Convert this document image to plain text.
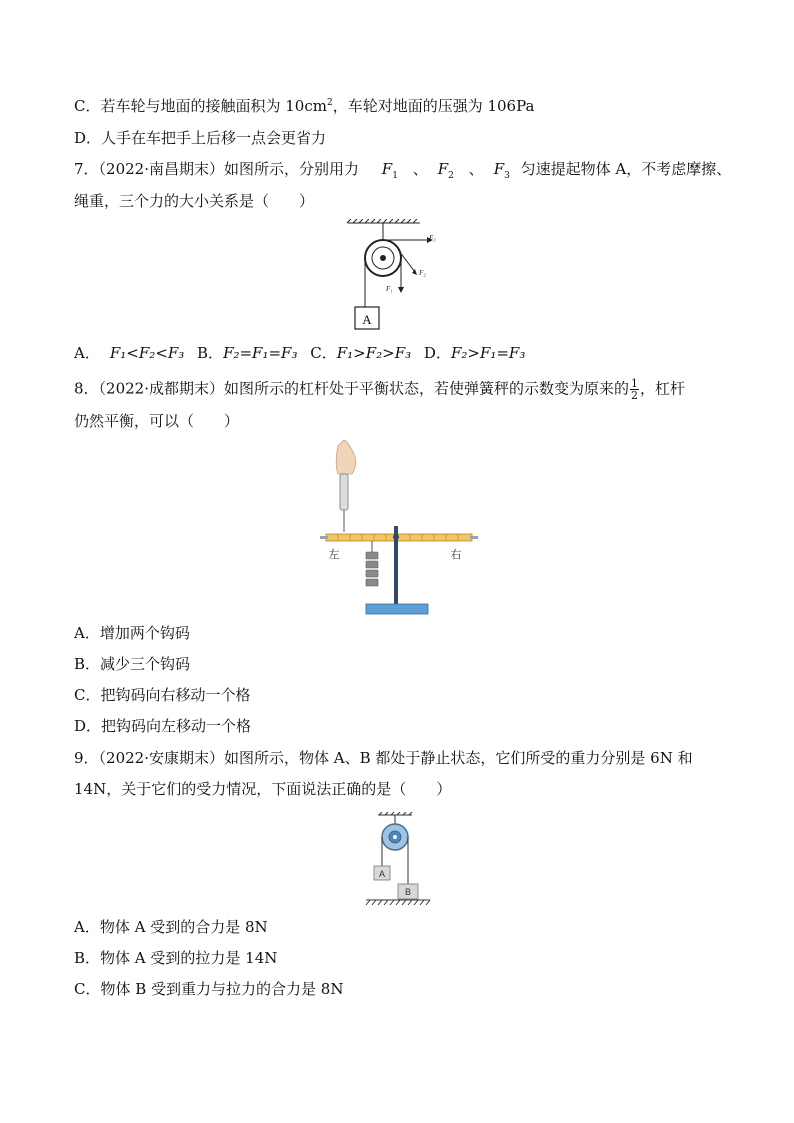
C．若车轮与地面的接触面积为 $10cm^2$，车轮对地面的压强为 106Pa
D．人手在车把手上后移一点会更省力
7．（2022·南昌期末）如图所示，分别用力 $F_1$ 、 $F_2$ 、 $F_3$ 匀速提起物体 A，不考虑摩擦、
绳重，三个力的大小关系是（　　）
F₃
F₂
F₁
A
A． F₁<F₂<F₃ B．F₂=F₁=F₃ C．F₁>F₂>F₃ D．F₂>F₁=F₃
8．（2022·成都期末）如图所示的杠杆处于平衡状态，若使弹簧秤的示数变为原来的 $\frac{1}{2}$ ，杠杆
仍然平衡，可以（　　）
左	右
A．增加两个钩码
B．减少三个钩码
C．把钩码向右移动一个格
D．把钩码向左移动一个格
9．（2022·安康期末）如图所示，物体 A、B 都处于静止状态，它们所受的重力分别是 6N 和
14N，关于它们的受力情况，下面说法正确的是（　　）
A
B
A．物体 A 受到的合力是 8N
B．物体 A 受到的拉力是 14N
C．物体 B 受到重力与拉力的合力是 8N
